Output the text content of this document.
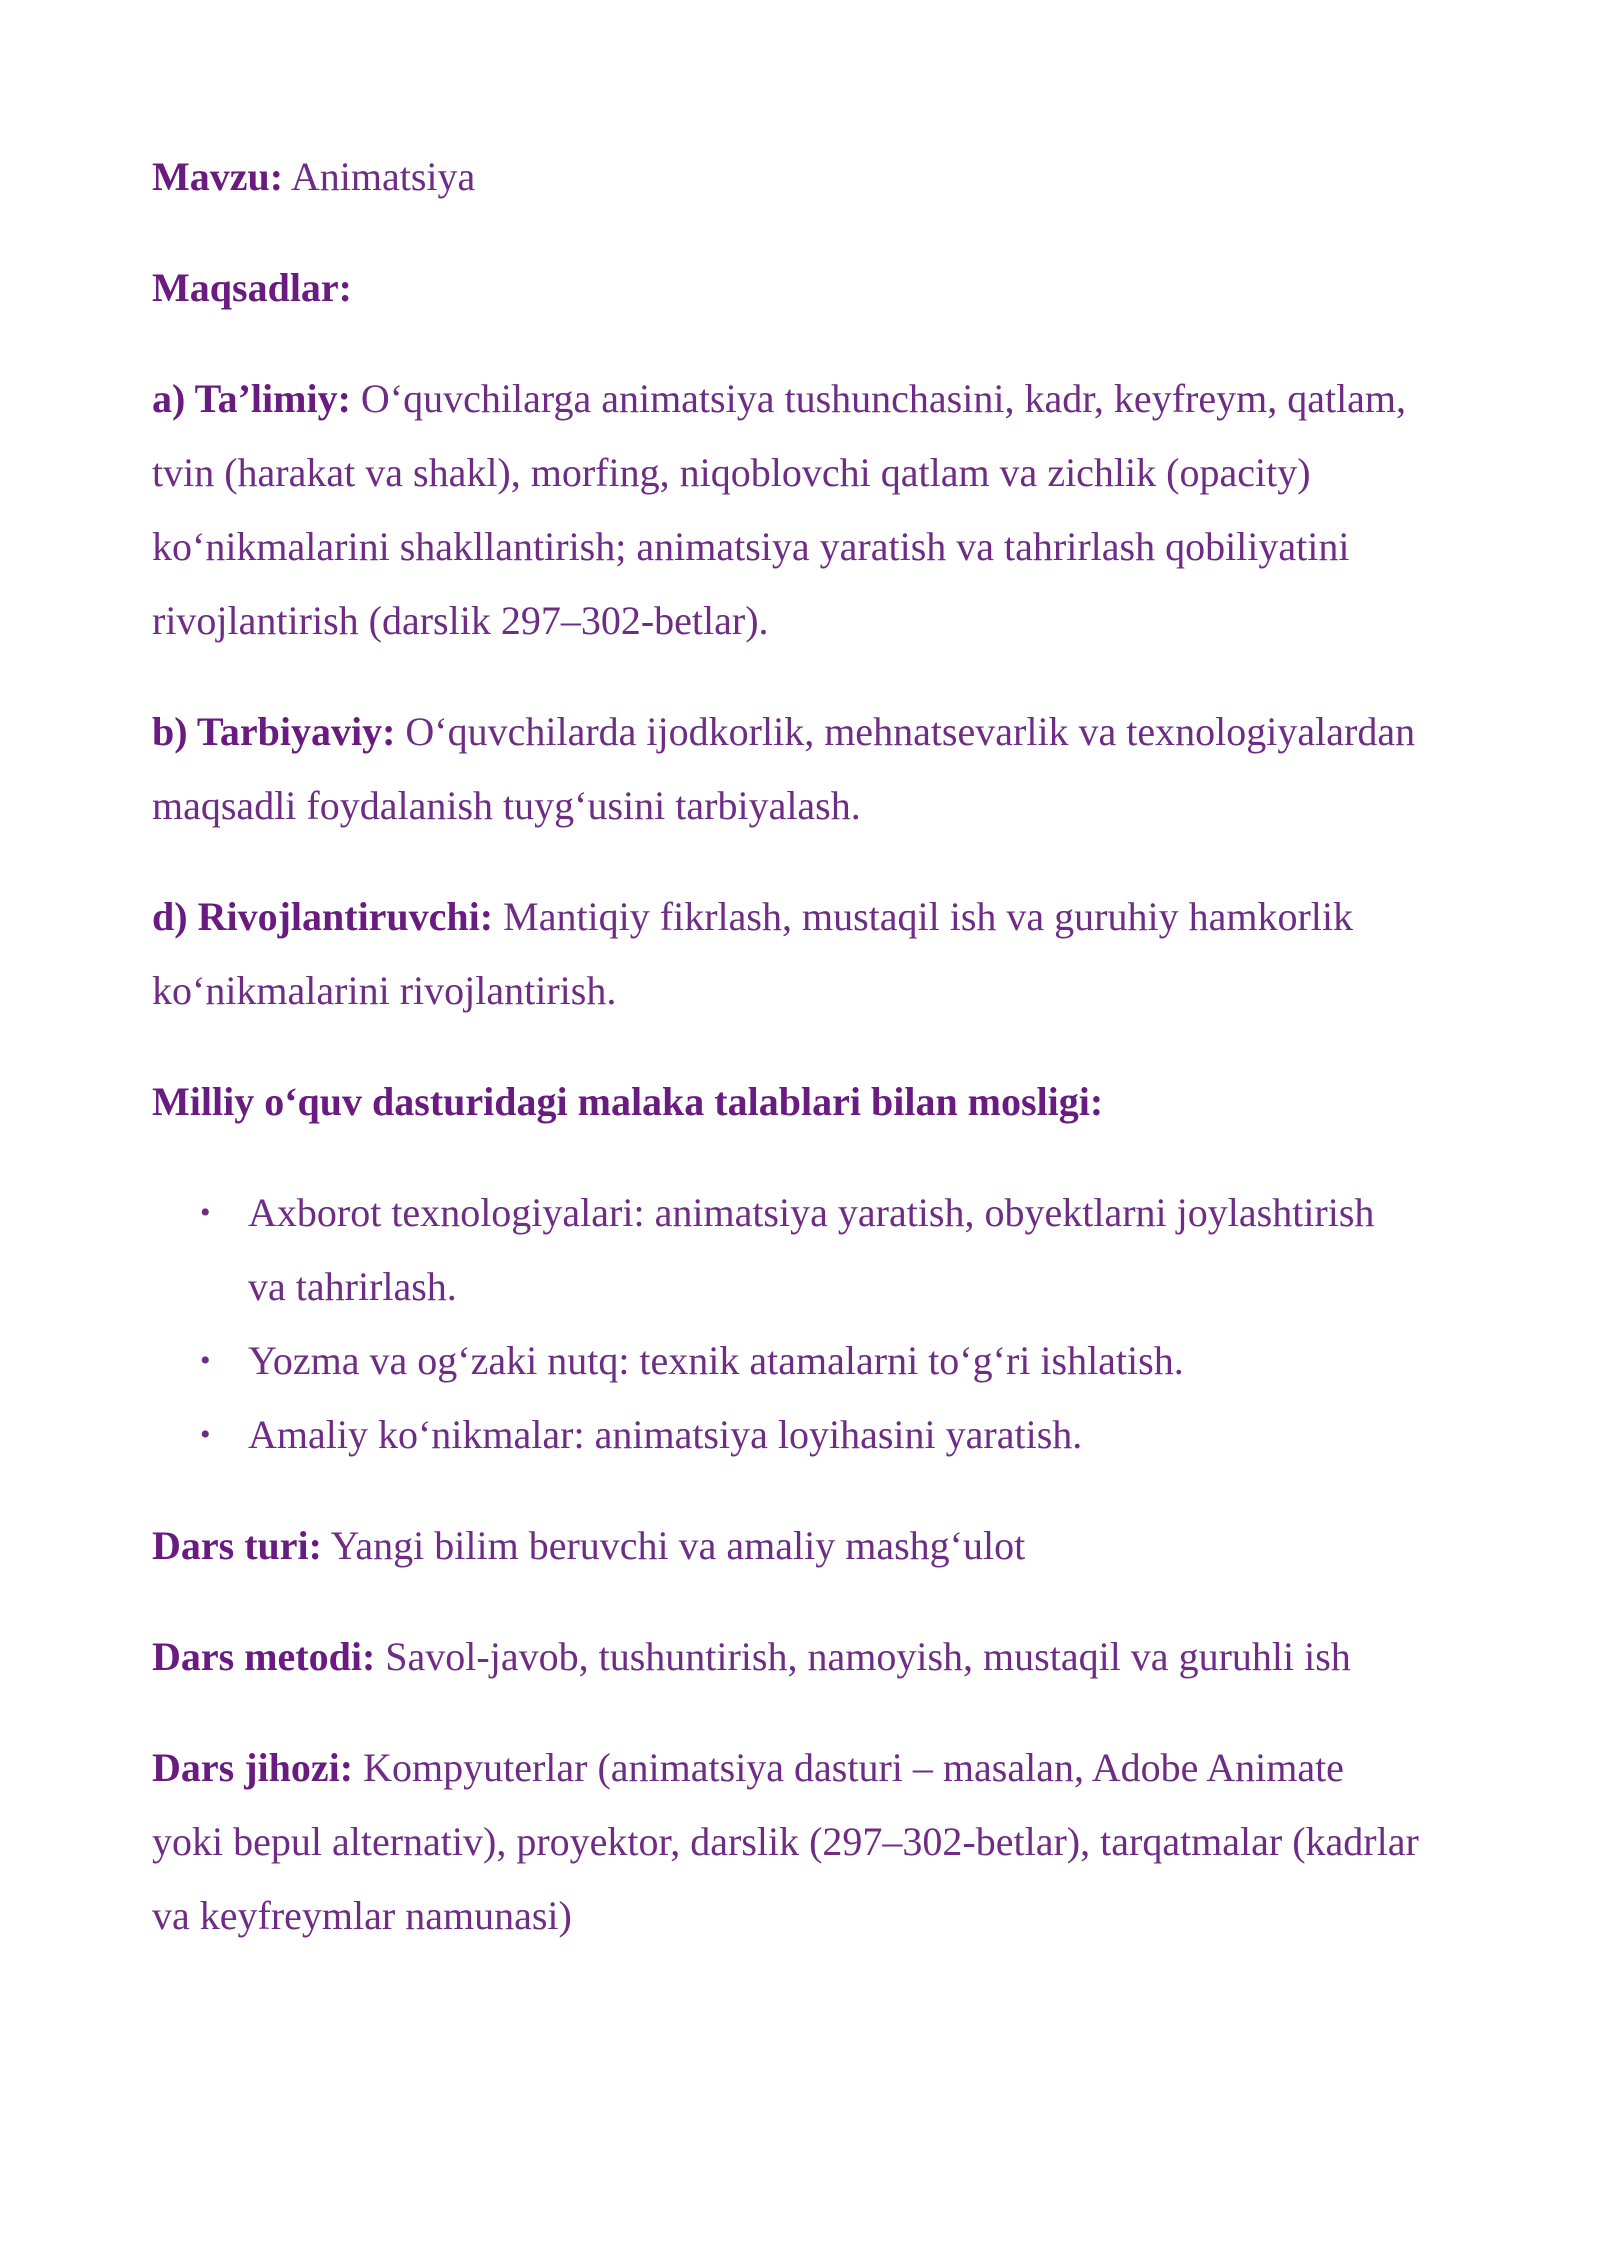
Mavzu: Animatsiya

Maqsadlar:

a) Ta’limiy: O‘quvchilarga animatsiya tushunchasini, kadr, keyfreym, qatlam, tvin (harakat va shakl), morfing, niqoblovchi qatlam va zichlik (opacity) ko‘nikmalarini shakllantirish; animatsiya yaratish va tahrirlash qobiliyatini rivojlantirish (darslik 297–302-betlar).

b) Tarbiyaviy: O‘quvchilarda ijodkorlik, mehnatsevarlik va texnologiyalardan maqsadli foydalanish tuyg‘usini tarbiyalash.

d) Rivojlantiruvchi: Mantiqiy fikrlash, mustaqil ish va guruhiy hamkorlik ko‘nikmalarini rivojlantirish.

Milliy o‘quv dasturidagi malaka talablari bilan mosligi:

• Axborot texnologiyalari: animatsiya yaratish, obyektlarni joylashtirish va tahrirlash.
• Yozma va og‘zaki nutq: texnik atamalarni to‘g‘ri ishlatish.
• Amaliy ko‘nikmalar: animatsiya loyihasini yaratish.

Dars turi: Yangi bilim beruvchi va amaliy mashg‘ulot

Dars metodi: Savol-javob, tushuntirish, namoyish, mustaqil va guruhli ish

Dars jihozi: Kompyuterlar (animatsiya dasturi – masalan, Adobe Animate yoki bepul alternativ), proyektor, darslik (297–302-betlar), tarqatmalar (kadrlar va keyfreymlar namunasi)
